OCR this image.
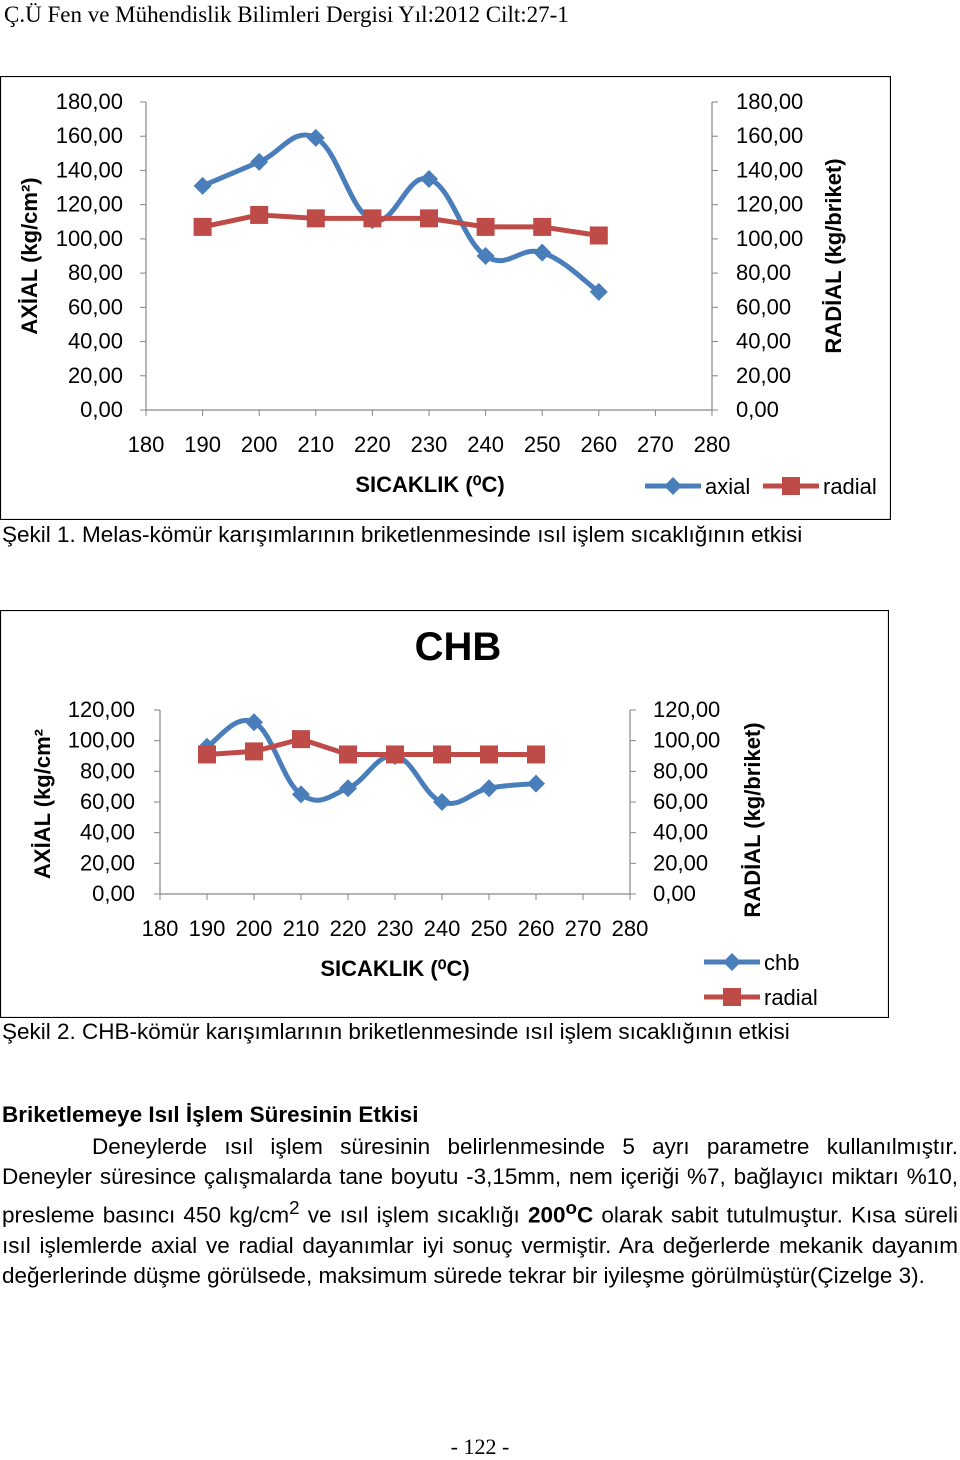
Ç.Ü Fen ve Mühendislik Bilimleri Dergisi Yıl:2012 Cilt:27-1
0,00
20,00
40,00
60,00
80,00
100,00
120,00
140,00
160,00
180,00
0,00
20,00
40,00
60,00
80,00
100,00
120,00
140,00
160,00
180,00
180 190 200 210 220 230 240 250 260 270 280
SICAKLIK (⁰C)
AXİAL (kg/cm²)	RADİAL (kg/briket)
axial	radial
Şekil 1. Melas-kömür karışımlarının briketlenmesinde ısıl işlem sıcaklığının etkisi
CHB
0,00
20,00
40,00
60,00
80,00
100,00
120,00
0,00
20,00
40,00
60,00
80,00
100,00
120,00
180 190 200 210 220 230 240 250 260 270 280
SICAKLIK (⁰C)
AXİAL (kg/cm²	RADİAL (kg/briket)
chb
radial
Şekil 2. CHB-kömür karışımlarının briketlenmesinde ısıl işlem sıcaklığının etkisi
Briketlemeye Isıl İşlem Süresinin Etkisi

Deneylerde ısıl işlem süresinin belirlenmesinde 5 ayrı parametre kullanılmıştır. Deneyler süresince çalışmalarda tane boyutu -3,15mm, nem içeriği %7, bağlayıcı miktarı %10, presleme basıncı 450 $kg/cm^2$ ve ısıl işlem sıcaklığı 200$^o$C olarak sabit tutulmuştur. Kısa süreli ısıl işlemlerde axial ve radial dayanımlar iyi sonuç vermiştir. Ara değerlerde mekanik dayanım değerlerinde düşme görülsede, maksimum sürede tekrar bir iyileşme görülmüştür(Çizelge 3).

- 122 -
